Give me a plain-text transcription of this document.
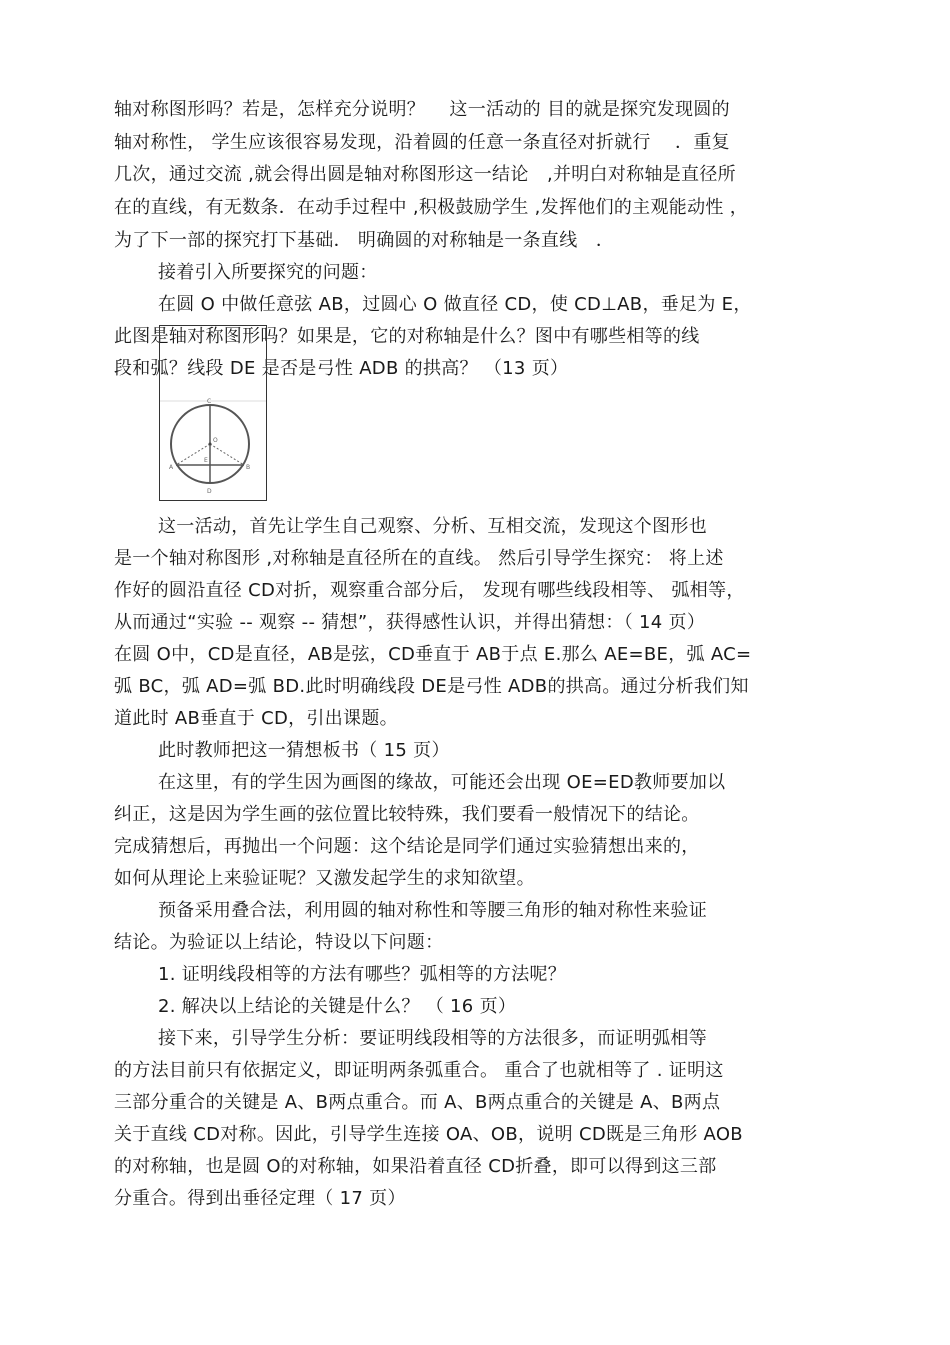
轴对称图形吗？若是，怎样充分说明？　 这一活动的 目的就是探究发现圆的
轴对称性， 学生应该很容易发现，沿着圆的任意一条直径对折就行　 ．重复
几次，通过交流 ,就会得出圆是轴对称图形这一结论　,并明白对称轴是直径所
在的直线，有无数条．在动手过程中 ,积极鼓励学生 ,发挥他们的主观能动性 ，
为了下一部的探究打下基础． 明确圆的对称轴是一条直线　．
接着引入所要探究的问题：
在圆 O 中做任意弦 AB，过圆心 O 做直径 CD，使 CD⊥AB，垂足为 E，
此图是轴对称图形吗？如果是，它的对称轴是什么？图中有哪些相等的线
段和弧？线段 DE 是否是弓性 ADB 的拱高？ （13 页）
C
D
A	B
O
E
这一活动，首先让学生自己观察、分析、互相交流，发现这个图形也
是一个轴对称图形 ,对称轴是直径所在的直线。 然后引导学生探究： 将上述
作好的圆沿直径 CD对折，观察重合部分后， 发现有哪些线段相等、 弧相等，
从而通过“实验 -- 观察 -- 猜想”，获得感性认识，并得出猜想：（ 14 页）
在圆 O中，CD是直径，AB是弦，CD垂直于 AB于点 E.那么 AE=BE，弧 AC=
弧 BC，弧 AD=弧 BD.此时明确线段 DE是弓性 ADB的拱高。通过分析我们知
道此时 AB垂直于 CD，引出课题。
此时教师把这一猜想板书（ 15 页）
在这里，有的学生因为画图的缘故，可能还会出现 OE=ED教师要加以
纠正，这是因为学生画的弦位置比较特殊，我们要看一般情况下的结论。
完成猜想后，再抛出一个问题：这个结论是同学们通过实验猜想出来的，
如何从理论上来验证呢？又激发起学生的求知欲望。
预备采用叠合法，利用圆的轴对称性和等腰三角形的轴对称性来验证
结论。为验证以上结论，特设以下问题：
1. 证明线段相等的方法有哪些？弧相等的方法呢？
2. 解决以上结论的关键是什么？ （ 16 页）
接下来，引导学生分析：要证明线段相等的方法很多，而证明弧相等
的方法目前只有依据定义，即证明两条弧重合。 重合了也就相等了 . 证明这
三部分重合的关键是 A、B两点重合。而 A、B两点重合的关键是 A、B两点
关于直线 CD对称。因此，引导学生连接 OA、OB，说明 CD既是三角形 AOB
的对称轴，也是圆 O的对称轴，如果沿着直径 CD折叠，即可以得到这三部
分重合。得到出垂径定理（ 17 页）
